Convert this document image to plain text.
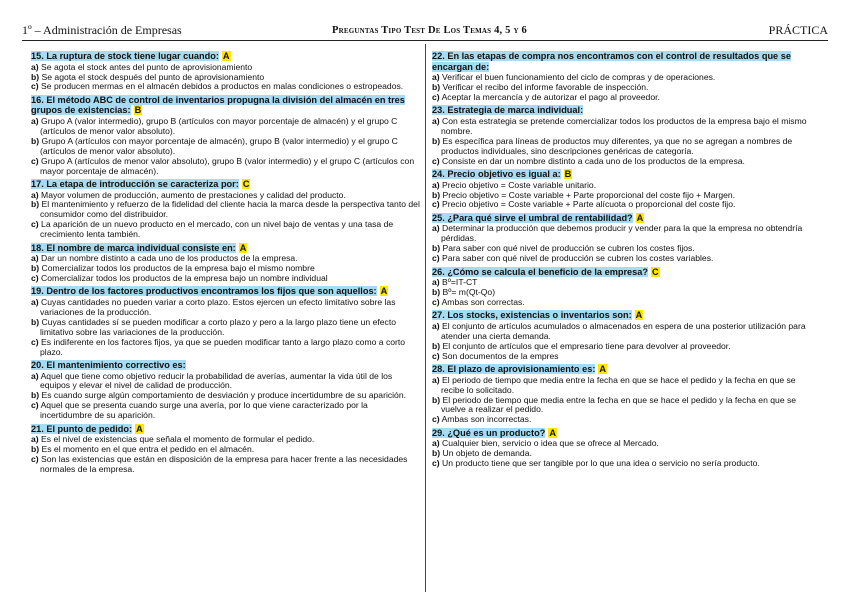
1º – Administración de Empresas	Preguntas Tipo Test De Los Temas 4, 5 y 6	PRÁCTICA
15. La ruptura de stock tiene lugar cuando: A
a) Se agota el stock antes del punto de aprovisionamiento
b) Se agota el stock después del punto de aprovisionamiento
c) Se producen mermas en el almacén debidos a productos en malas condiciones o estropeados.
16. El método ABC de control de inventarios propugna la división del almacén en tres grupos de existencias: B
a) Grupo A (valor intermedio), grupo B (artículos con mayor porcentaje de almacén) y el grupo C (artículos de menor valor absoluto).
b) Grupo A (artículos con mayor porcentaje de almacén), grupo B (valor intermedio) y el grupo C (artículos de menor valor absoluto).
c) Grupo A (artículos de menor valor absoluto), grupo B (valor intermedio) y el grupo C (artículos con mayor porcentaje de almacén).
17. La etapa de introducción se caracteriza por: C
a) Mayor volumen de producción, aumento de prestaciones y calidad del producto.
b) El mantenimiento y refuerzo de la fidelidad del cliente hacia la marca desde la perspectiva tanto del consumidor como del distribuidor.
c) La aparición de un nuevo producto en el mercado, con un nivel bajo de ventas y una tasa de crecimiento lenta también.
18. El nombre de marca individual consiste en: A
a) Dar un nombre distinto a cada uno de los productos de la empresa.
b) Comercializar todos los productos de la empresa bajo el mismo nombre
c) Comercializar todos los productos de la empresa bajo un nombre individual
19. Dentro de los factores productivos encontramos los fijos que son aquellos: A
a) Cuyas cantidades no pueden variar a corto plazo. Estos ejercen un efecto limitativo sobre las variaciones de la producción.
b) Cuyas cantidades sí se pueden modificar a corto plazo y pero a la largo plazo tiene un efecto limitativo sobre las variaciones de la producción.
c) Es indiferente en los factores fijos, ya que se pueden modificar tanto a largo plazo como a corto plazo.
20. El mantenimiento correctivo es:
a) Aquel que tiene como objetivo reducir la probabilidad de averías, aumentar la vida útil de los equipos y elevar el nivel de calidad de producción.
b) Es cuando surge algún comportamiento de desviación y produce incertidumbre de su aparición.
c) Aquel que se presenta cuando surge una avería, por lo que viene caracterizado por la incertidumbre de su aparición.
21. El punto de pedido: A
a) Es el nivel de existencias que señala el momento de formular el pedido.
b) Es el momento en el que entra el pedido en el almacén.
c) Son las existencias que están en disposición de la empresa para hacer frente a las necesidades normales de la empresa.
22. En las etapas de compra nos encontramos con el control de resultados que se encargan de:
a) Verificar el buen funcionamiento del ciclo de compras y de operaciones.
b) Verificar el recibo del informe favorable de inspección.
c) Aceptar la mercancía y de autorizar el pago al proveedor.
23. Estrategia de marca individual:
a) Con esta estrategia se pretende comercializar todos los productos de la empresa bajo el mismo nombre.
b) Es específica para líneas de productos muy diferentes, ya que no se agregan a nombres de productos individuales, sino descripciones genéricas de categoría.
c) Consiste en dar un nombre distinto a cada uno de los productos de la empresa.
24. Precio objetivo es igual a: B
a) Precio objetivo = Coste variable unitario.
b) Precio objetivo = Coste variable + Parte proporcional del coste fijo + Margen.
c) Precio objetivo = Coste variable + Parte alícuota o proporcional del coste fijo.
25. ¿Para qué sirve el umbral de rentabilidad? A
a) Determinar la producción que debemos producir y vender para la que la empresa no obtendría pérdidas.
b) Para saber con qué nivel de producción se cubren los costes fijos.
c) Para saber con qué nivel de producción se cubren los costes variables.
26. ¿Cómo se calcula el beneficio de la empresa? C
a) Bº=IT-CT
b) Bº= m(Qt-Qo)
c) Ambas son correctas.
27. Los stocks, existencias o inventarios son: A
a) El conjunto de artículos acumulados o almacenados en espera de una posterior utilización para atender una cierta demanda.
b) El conjunto de artículos que el empresario tiene para devolver al proveedor.
c) Son documentos de la empres
28. El plazo de aprovisionamiento es: A
a) El periodo de tiempo que media entre la fecha en que se hace el pedido y la fecha en que se recibe lo solicitado.
b) El periodo de tiempo que media entre la fecha en que se hace el pedido y la fecha en que se vuelve a realizar el pedido.
c) Ambas son incorrectas.
29. ¿Qué es un producto? A
a) Cualquier bien, servicio o idea que se ofrece al Mercado.
b) Un objeto de demanda.
c) Un producto tiene que ser tangible por lo que una idea o servicio no sería producto.
